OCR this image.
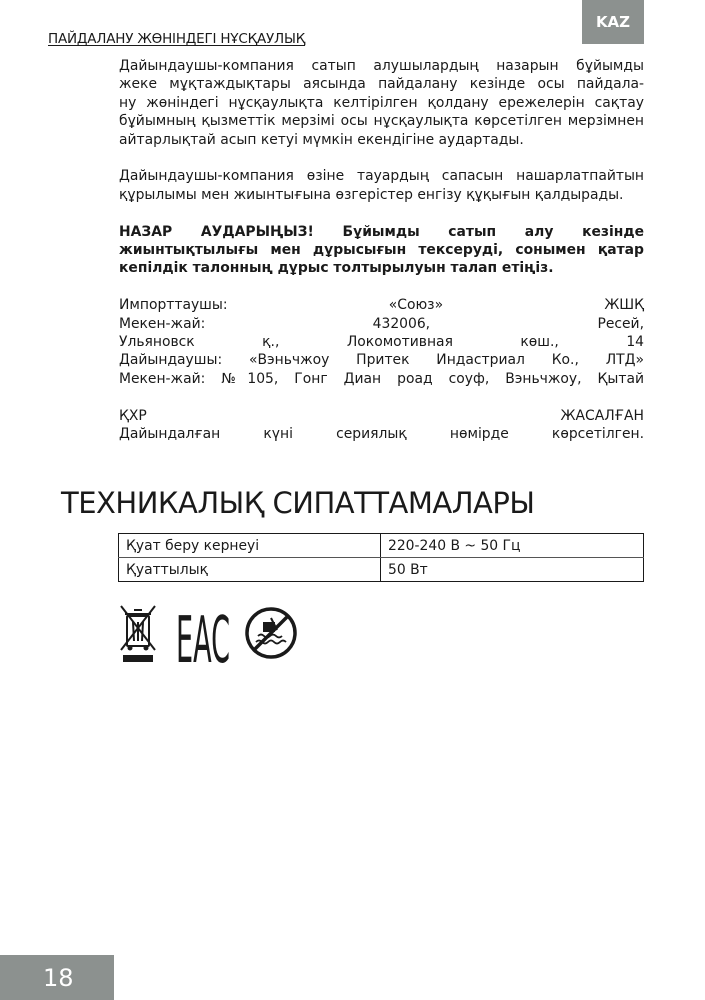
KAZ
ПАЙДАЛАНУ ЖӨНІНДЕГІ НҰСҚАУЛЫҚ

Дайындаушы-компания сатып алушылардың назарын бұйымды
жеке мұқтаждықтары аясында пайдалану кезінде осы пайдала-
ну жөніндегі нұсқаулықта келтірілген қолдану ережелерін сақтау
бұйымның қызметтік мерзімі осы нұсқаулықта көрсетілген мерзімнен
айтарлықтай асып кетуі мүмкін екендігіне аудартады.

Дайындаушы-компания өзіне тауардың сапасын нашарлатпайтын
құрылымы мен жиынтығына өзгерістер енгізу құқығын қалдырады.

НАЗАР АУДАРЫҢЫЗ! Бұйымды сатып алу кезінде
жиынтықтылығы мен дұрысығын тексеруді, сонымен қатар
кепілдік талонның дұрыс толтырылуын талап етіңіз.

Импорттаушы: «Союз» ЖШҚ
Мекен-жай: 432006, Ресей,
Ульяновск қ., Локомотивная көш., 14
Дайындаушы: «Вэньчжоу Притек Индастриал Ко., ЛТД»
Мекен-жай: №105, Гонг Диан роад соуф, Вэньчжоу, Қытай

ҚХР ЖАСАЛҒАН
Дайындалған күні сериялық нөмірде көрсетілген.

ТЕХНИКАЛЫҚ СИПАТТАМАЛАРЫ
Қуат беру кернеуі	220-240 В ~ 50 Гц
Қуаттылық	50 Вт
EAC
18
